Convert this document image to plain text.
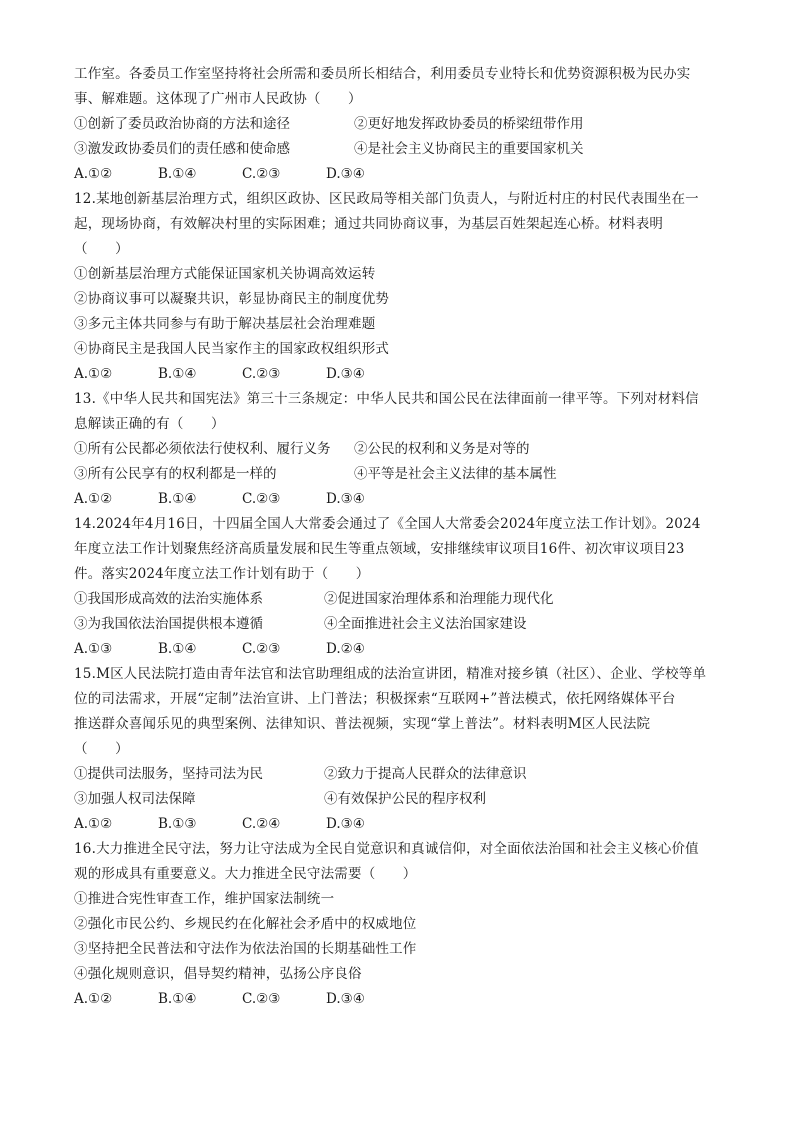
工作室。各委员工作室坚持将社会所需和委员所长相结合，利用委员专业特长和优势资源积极为民办实
事、解难题。这体现了广州市人民政协（　　）
①创新了委员政治协商的方法和途径	②更好地发挥政协委员的桥梁纽带作用
③激发政协委员们的责任感和使命感	④是社会主义协商民主的重要国家机关
A.①②	B.①④	C.②③	D.③④
12.某地创新基层治理方式，组织区政协、区民政局等相关部门负责人，与附近村庄的村民代表围坐在一
起，现场协商，有效解决村里的实际困难；通过共同协商议事，为基层百姓架起连心桥。材料表明
（　　）
①创新基层治理方式能保证国家机关协调高效运转
②协商议事可以凝聚共识，彰显协商民主的制度优势
③多元主体共同参与有助于解决基层社会治理难题
④协商民主是我国人民当家作主的国家政权组织形式
A.①②	B.①④	C.②③	D.③④
13.《中华人民共和国宪法》第三十三条规定：中华人民共和国公民在法律面前一律平等。下列对材料信
息解读正确的有（　　）
①所有公民都必须依法行使权利、履行义务	②公民的权利和义务是对等的
③所有公民享有的权利都是一样的	④平等是社会主义法律的基本属性
A.①②	B.①④	C.②③	D.③④
14.2024年4月16日，十四届全国人大常委会通过了《全国人大常委会2024年度立法工作计划》。2024
年度立法工作计划聚焦经济高质量发展和民生等重点领域，安排继续审议项目16件、初次审议项目23
件。落实2024年度立法工作计划有助于（　　）
①我国形成高效的法治实施体系	②促进国家治理体系和治理能力现代化
③为我国依法治国提供根本遵循	④全面推进社会主义法治国家建设
A.①③	B.①④	C.②③	D.②④
15.M区人民法院打造由青年法官和法官助理组成的法治宣讲团，精准对接乡镇（社区）、企业、学校等单
位的司法需求，开展“定制”法治宣讲、上门普法；积极探索“互联网+”普法模式，依托网络媒体平台
推送群众喜闻乐见的典型案例、法律知识、普法视频，实现“掌上普法”。材料表明M区人民法院
（　　）
①提供司法服务，坚持司法为民	②致力于提高人民群众的法律意识
③加强人权司法保障	④有效保护公民的程序权利
A.①②	B.①③	C.②④	D.③④
16.大力推进全民守法，努力让守法成为全民自觉意识和真诚信仰，对全面依法治国和社会主义核心价值
观的形成具有重要意义。大力推进全民守法需要（　　）
①推进合宪性审查工作，维护国家法制统一
②强化市民公约、乡规民约在化解社会矛盾中的权威地位
③坚持把全民普法和守法作为依法治国的长期基础性工作
④强化规则意识，倡导契约精神，弘扬公序良俗
A.①②	B.①④	C.②③	D.③④
